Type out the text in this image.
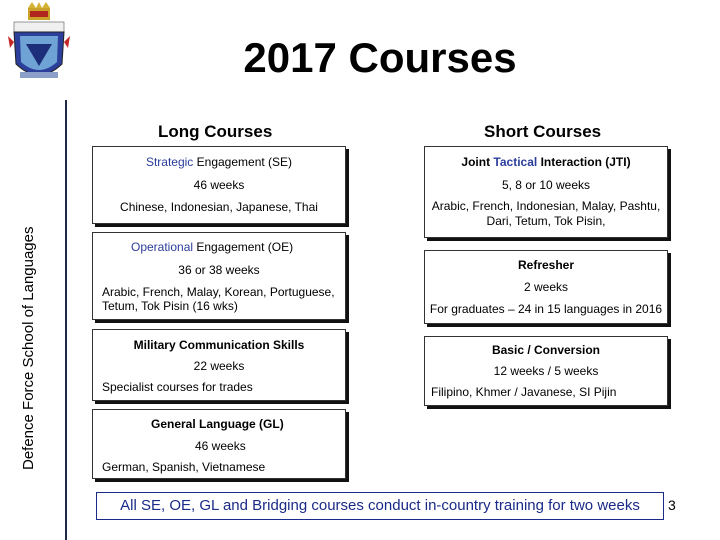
Defence Force School of Languages
2017 Courses
Long Courses	Short Courses
Strategic Engagement (SE)
46 weeks
Chinese, Indonesian, Japanese, Thai
Operational Engagement (OE)
36 or 38 weeks
Arabic, French, Malay, Korean, Portuguese, Tetum, Tok Pisin (16 wks)
Military Communication Skills
22 weeks
Specialist courses for trades
General Language (GL)
46 weeks
German, Spanish, Vietnamese
Joint Tactical Interaction (JTI)
5, 8 or 10 weeks
Arabic, French, Indonesian, Malay, Pashtu, Dari, Tetum, Tok Pisin,
Refresher
2 weeks
For graduates – 24 in 15 languages in 2016
Basic / Conversion
12 weeks / 5 weeks
Filipino, Khmer / Javanese, SI Pijin
All SE, OE, GL and Bridging courses conduct in-country training for two weeks	3
